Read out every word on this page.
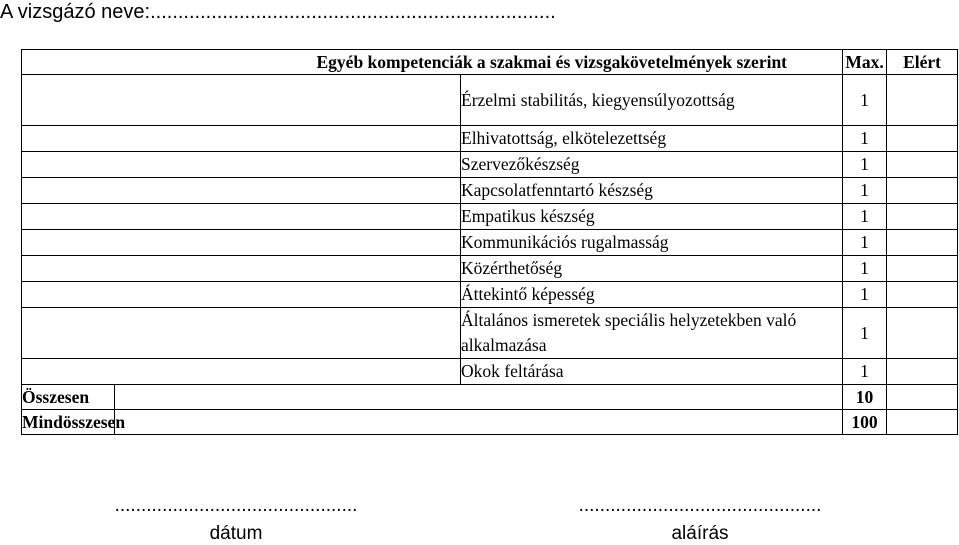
A vizsgázó neve:.........................................................................
Egyéb kompetenciák a szakmai és vizsgakövetelmények szerint			Max.	Elért
		Érzelmi stabilitás, kiegyensúlyozottság	1	
		Elhivatottság, elkötelezettség	1	
		Szervezőkészség	1	
		Kapcsolatfenntartó készség	1	
		Empatikus készség	1	
		Kommunikációs rugalmasság	1	
		Közérthetőség	1	
		Áttekintő képesség	1	
		Általános ismeretek speciális helyzetekben való alkalmazása	1	
		Okok feltárása	1	
Összesen			10	
Mindösszesen			100	
..............................................
dátum
..............................................
aláírás
